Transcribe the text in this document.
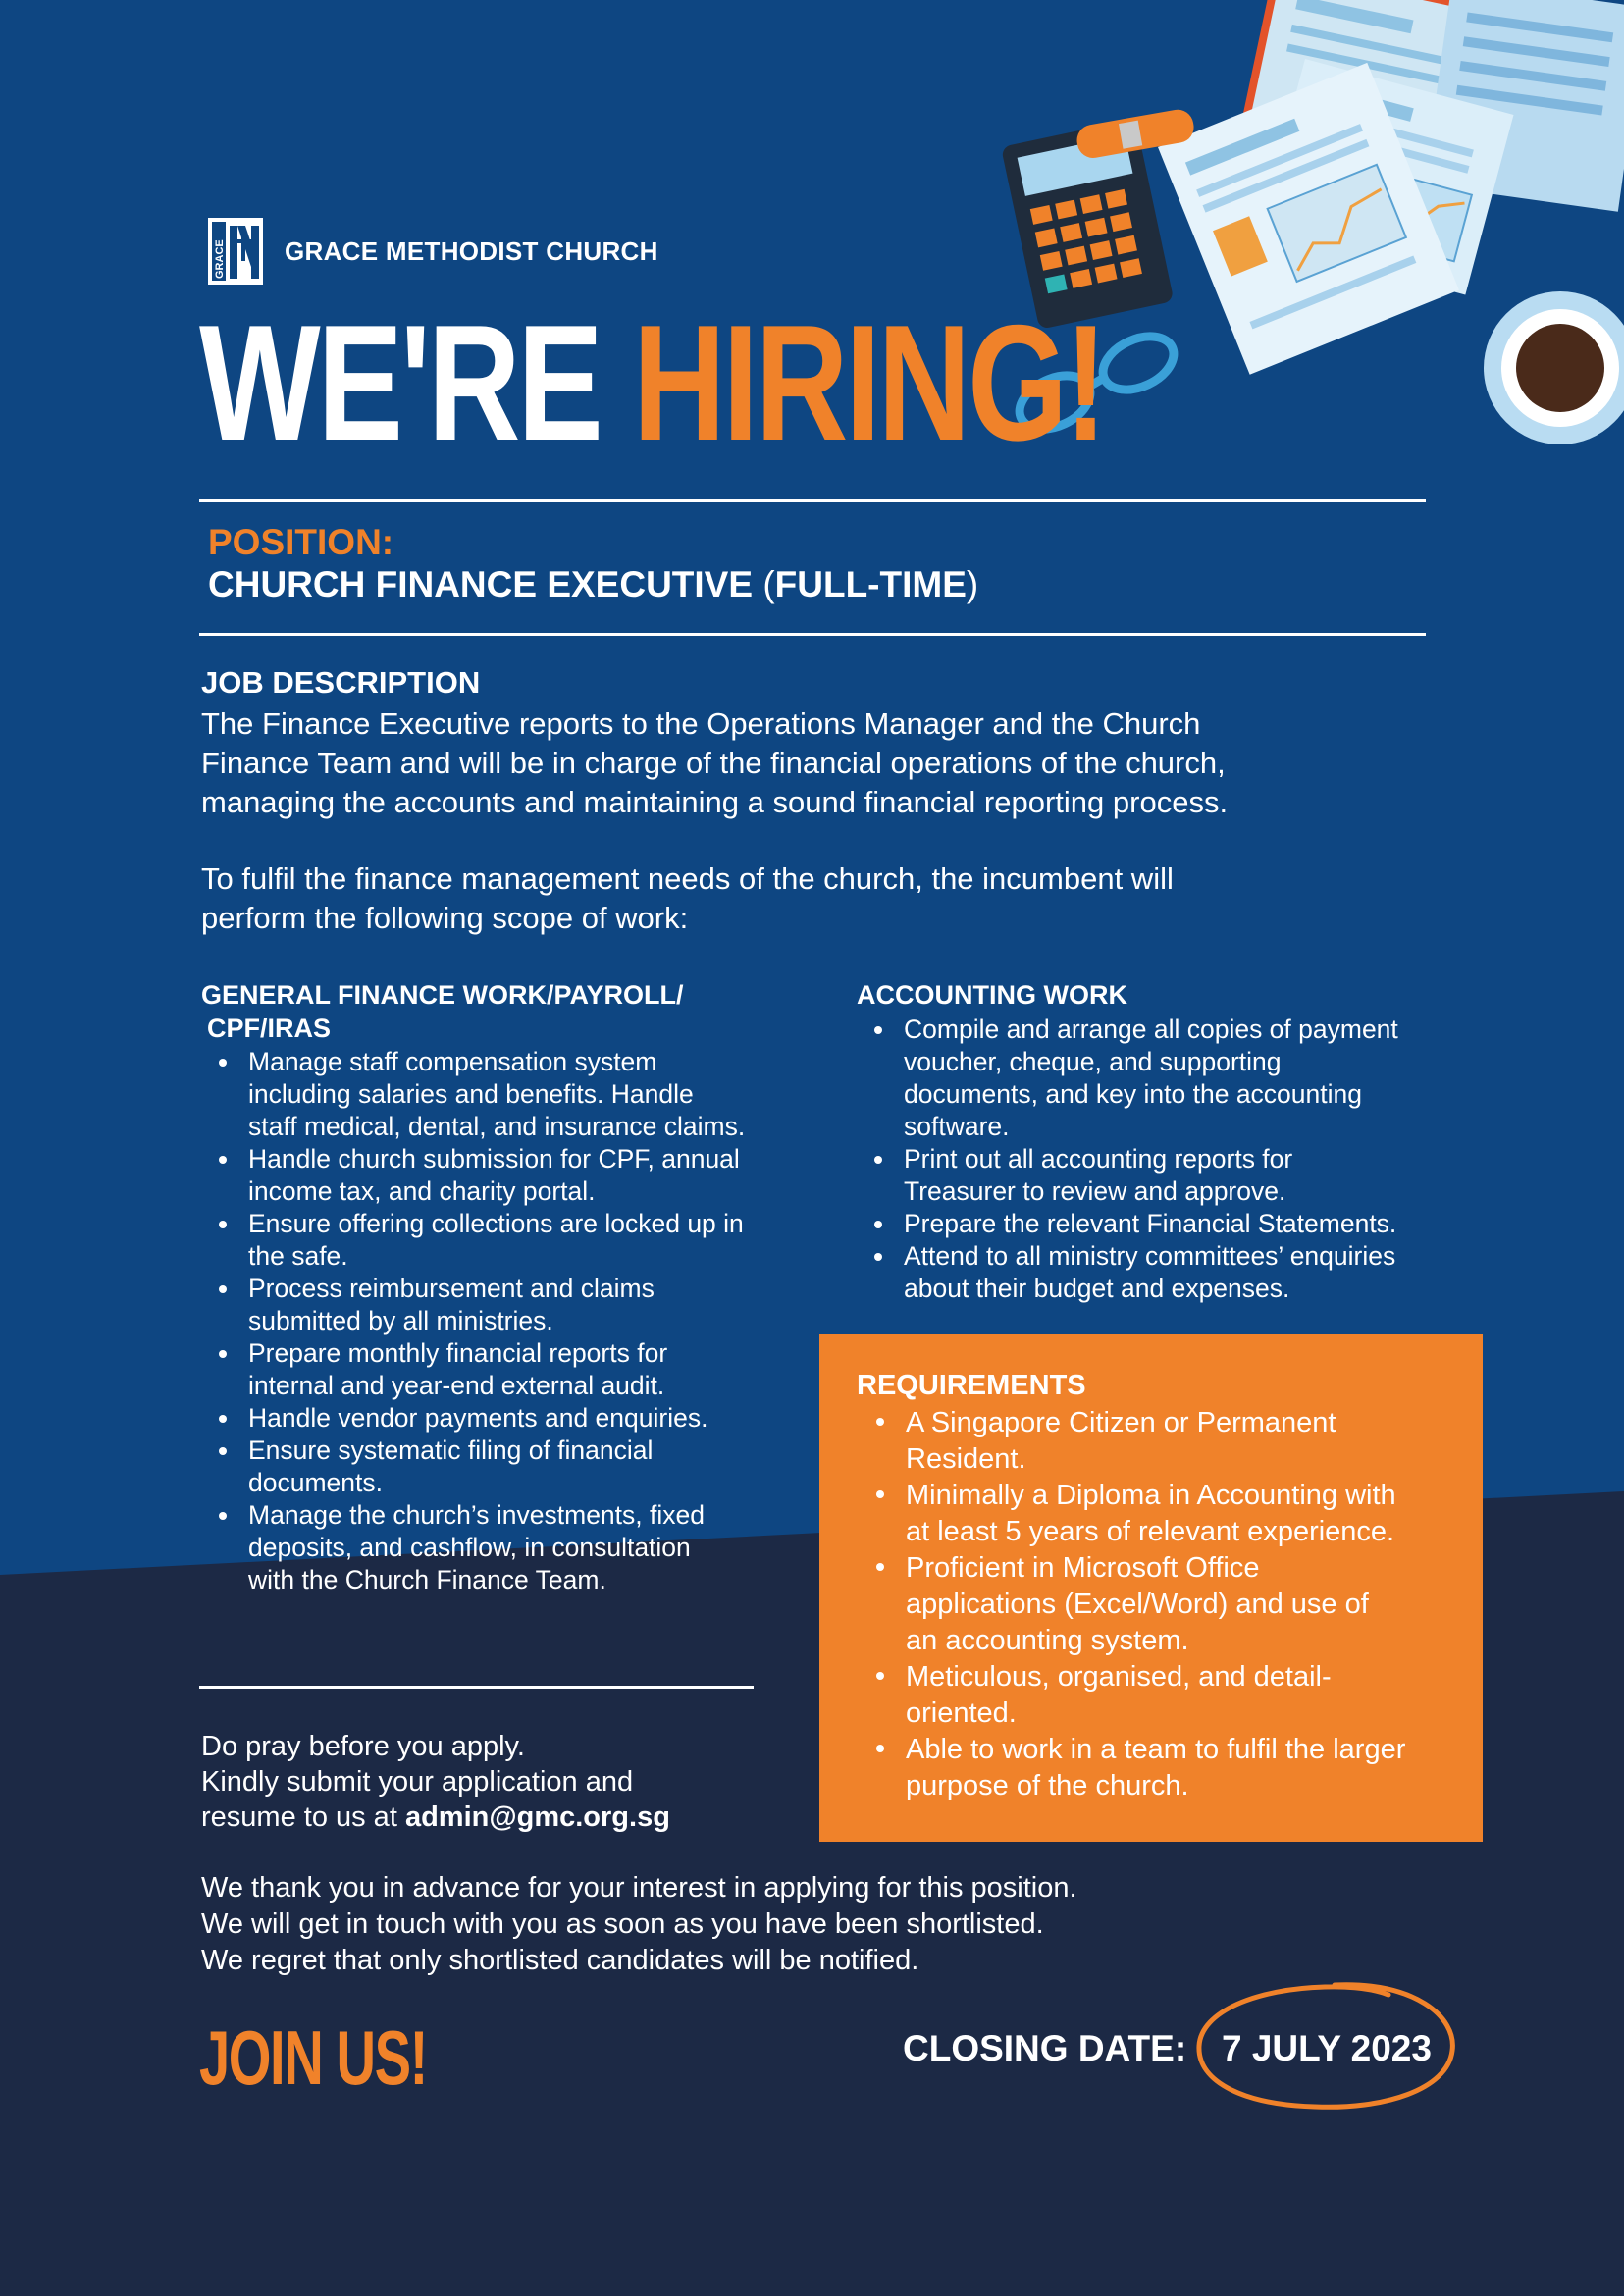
GRACE GRACE METHODIST CHURCH
WE'RE HIRING!
POSITION:
CHURCH FINANCE EXECUTIVE (FULL-TIME)
JOB DESCRIPTION
The Finance Executive reports to the Operations Manager and the Church
Finance Team and will be in charge of the financial operations of the church,
managing the accounts and maintaining a sound financial reporting process.
To fulfil the finance management needs of the church, the incumbent will
perform the following scope of work:
GENERAL FINANCE WORK/PAYROLL/
CPF/IRAS
Manage staff compensation system
including salaries and benefits. Handle
staff medical, dental, and insurance claims.
Handle church submission for CPF, annual
income tax, and charity portal.
Ensure offering collections are locked up in
the safe.
Process reimbursement and claims
submitted by all ministries.
Prepare monthly financial reports for
internal and year-end external audit.
Handle vendor payments and enquiries.
Ensure systematic filing of financial
documents.
Manage the church’s investments, fixed
deposits, and cashflow, in consultation
with the Church Finance Team.
ACCOUNTING WORK
Compile and arrange all copies of payment
voucher, cheque, and supporting
documents, and key into the accounting
software.
Print out all accounting reports for
Treasurer to review and approve.
Prepare the relevant Financial Statements.
Attend to all ministry committees’ enquiries
about their budget and expenses.
REQUIREMENTS
A Singapore Citizen or Permanent
Resident.
Minimally a Diploma in Accounting with
at least 5 years of relevant experience.
Proficient in Microsoft Office
applications (Excel/Word) and use of
an accounting system.
Meticulous, organised, and detail-
oriented.
Able to work in a team to fulfil the larger
purpose of the church.
Do pray before you apply.
Kindly submit your application and
resume to us at admin@gmc.org.sg
We thank you in advance for your interest in applying for this position.
We will get in touch with you as soon as you have been shortlisted.
We regret that only shortlisted candidates will be notified.
JOIN US!	CLOSING DATE: 7 JULY 2023
